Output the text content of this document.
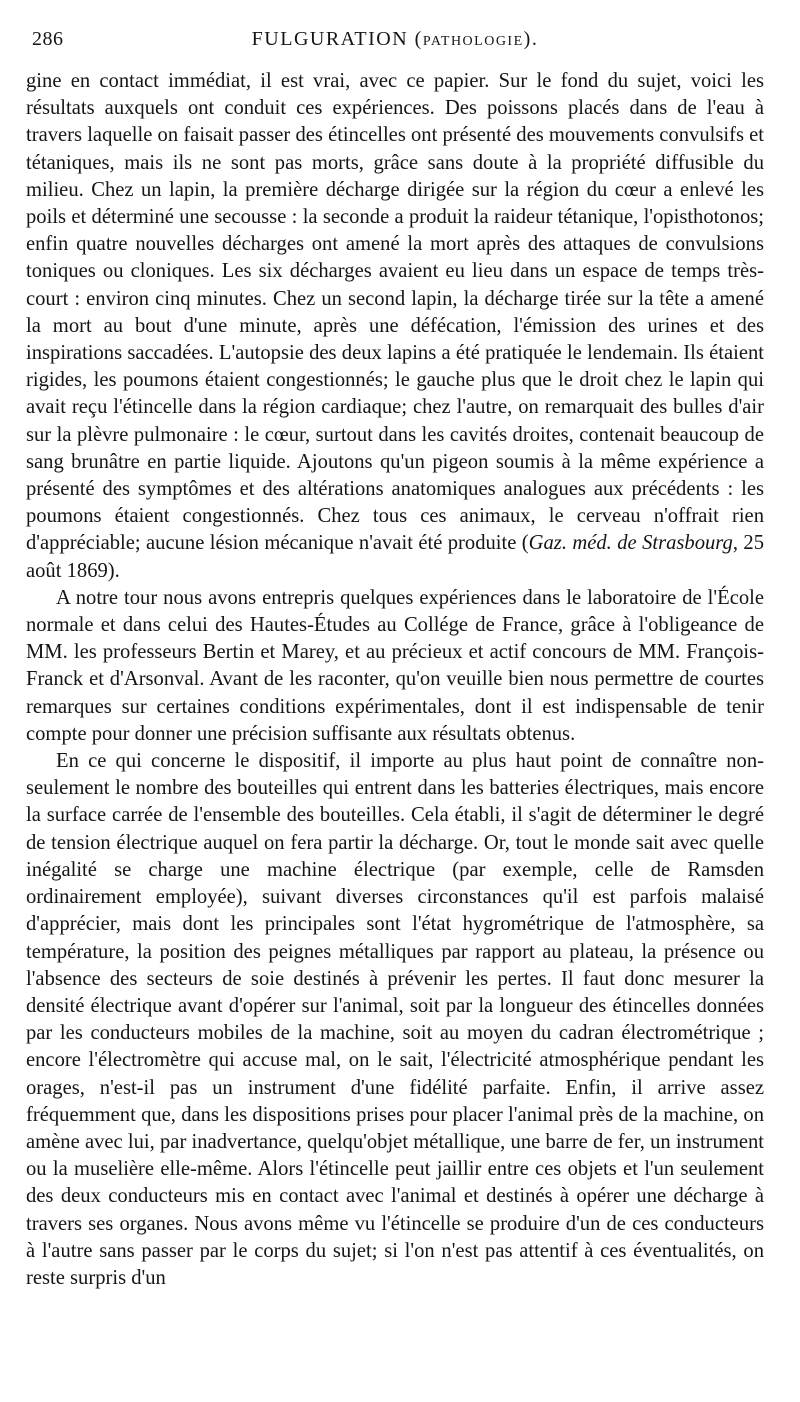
286	FULGURATION (PATHOLOGIE).

gine en contact immédiat, il est vrai, avec ce papier. Sur le fond du sujet, voici les résultats auxquels ont conduit ces expériences. Des poissons placés dans de l'eau à travers laquelle on faisait passer des étincelles ont présenté des mouvements convulsifs et tétaniques, mais ils ne sont pas morts, grâce sans doute à la propriété diffusible du milieu. Chez un lapin, la première décharge dirigée sur la région du cœur a enlevé les poils et déterminé une secousse : la seconde a produit la raideur tétanique, l'opisthotonos; enfin quatre nouvelles décharges ont amené la mort après des attaques de convulsions toniques ou cloniques. Les six décharges avaient eu lieu dans un espace de temps très-court : environ cinq minutes. Chez un second lapin, la décharge tirée sur la tête a amené la mort au bout d'une minute, après une défécation, l'émission des urines et des inspirations saccadées. L'autopsie des deux lapins a été pratiquée le lendemain. Ils étaient rigides, les poumons étaient congestionnés; le gauche plus que le droit chez le lapin qui avait reçu l'étincelle dans la région cardiaque; chez l'autre, on remarquait des bulles d'air sur la plèvre pulmonaire : le cœur, surtout dans les cavités droites, contenait beaucoup de sang brunâtre en partie liquide. Ajoutons qu'un pigeon soumis à la même expérience a présenté des symptômes et des altérations anatomiques analogues aux précédents : les poumons étaient congestionnés. Chez tous ces animaux, le cerveau n'offrait rien d'appréciable; aucune lésion mécanique n'avait été produite (Gaz. méd. de Strasbourg, 25 août 1869).

A notre tour nous avons entrepris quelques expériences dans le laboratoire de l'École normale et dans celui des Hautes-Études au Collége de France, grâce à l'obligeance de MM. les professeurs Bertin et Marey, et au précieux et actif concours de MM. François-Franck et d'Arsonval. Avant de les raconter, qu'on veuille bien nous permettre de courtes remarques sur certaines conditions expérimentales, dont il est indispensable de tenir compte pour donner une précision suffisante aux résultats obtenus.

En ce qui concerne le dispositif, il importe au plus haut point de connaître non-seulement le nombre des bouteilles qui entrent dans les batteries électriques, mais encore la surface carrée de l'ensemble des bouteilles. Cela établi, il s'agit de déterminer le degré de tension électrique auquel on fera partir la décharge. Or, tout le monde sait avec quelle inégalité se charge une machine électrique (par exemple, celle de Ramsden ordinairement employée), suivant diverses circonstances qu'il est parfois malaisé d'apprécier, mais dont les principales sont l'état hygrométrique de l'atmosphère, sa température, la position des peignes métalliques par rapport au plateau, la présence ou l'absence des secteurs de soie destinés à prévenir les pertes. Il faut donc mesurer la densité électrique avant d'opérer sur l'animal, soit par la longueur des étincelles données par les conducteurs mobiles de la machine, soit au moyen du cadran électrométrique ; encore l'électromètre qui accuse mal, on le sait, l'électricité atmosphérique pendant les orages, n'est-il pas un instrument d'une fidélité parfaite. Enfin, il arrive assez fréquemment que, dans les dispositions prises pour placer l'animal près de la machine, on amène avec lui, par inadvertance, quelqu'objet métallique, une barre de fer, un instrument ou la muselière elle-même. Alors l'étincelle peut jaillir entre ces objets et l'un seulement des deux conducteurs mis en contact avec l'animal et destinés à opérer une décharge à travers ses organes. Nous avons même vu l'étincelle se produire d'un de ces conducteurs à l'autre sans passer par le corps du sujet; si l'on n'est pas attentif à ces éventualités, on reste surpris d'un
